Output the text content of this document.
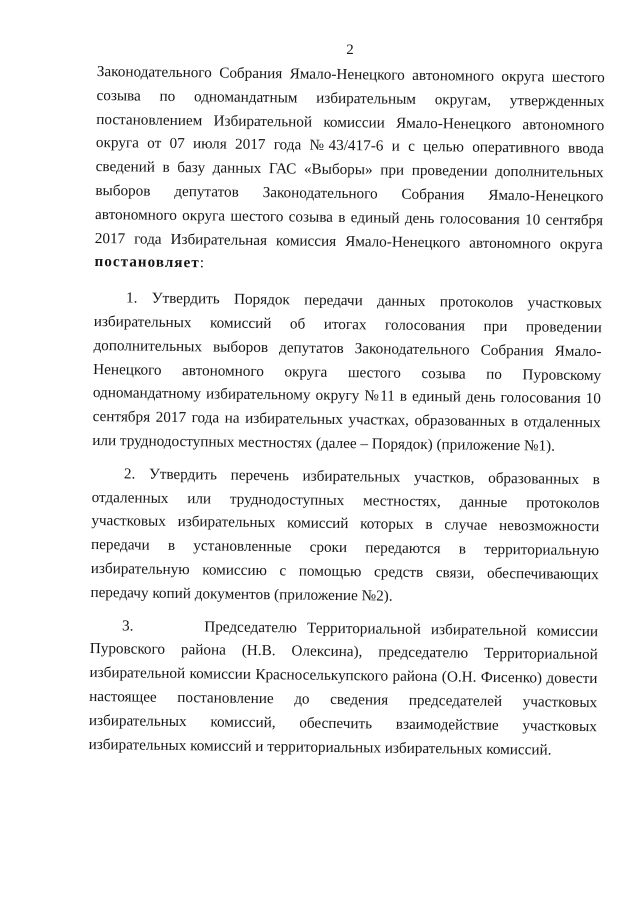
2

Законодательного Собрания Ямало-Ненецкого автономного округа шестого созыва по одномандатным избирательным округам, утвержденных постановлением Избирательной комиссии Ямало-Ненецкого автономного округа от 07 июля 2017 года №43/417-6 и с целью оперативного ввода сведений в базу данных ГАС «Выборы» при проведении дополнительных выборов депутатов Законодательного Собрания Ямало-Ненецкого автономного округа шестого созыва в единый день голосования 10 сентября 2017 года Избирательная комиссия Ямало-Ненецкого автономного округа постановляет:

1. Утвердить Порядок передачи данных протоколов участковых избирательных комиссий об итогах голосования при проведении дополнительных выборов депутатов Законодательного Собрания Ямало-Ненецкого автономного округа шестого созыва по Пуровскому одномандатному избирательному округу №11 в единый день голосования 10 сентября 2017 года на избирательных участках, образованных в отдаленных или труднодоступных местностях (далее – Порядок) (приложение №1).

2. Утвердить перечень избирательных участков, образованных в отдаленных или труднодоступных местностях, данные протоколов участковых избирательных комиссий которых в случае невозможности передачи в установленные сроки передаются в территориальную избирательную комиссию с помощью средств связи, обеспечивающих передачу копий документов (приложение №2).

3.	Председателю Территориальной избирательной комиссии Пуровского района (Н.В. Олексина), председателю Территориальной избирательной комиссии Красноселькупского района (О.Н. Фисенко) довести настоящее постановление до сведения председателей участковых избирательных комиссий, обеспечить взаимодействие участковых избирательных комиссий и территориальных избирательных комиссий.
